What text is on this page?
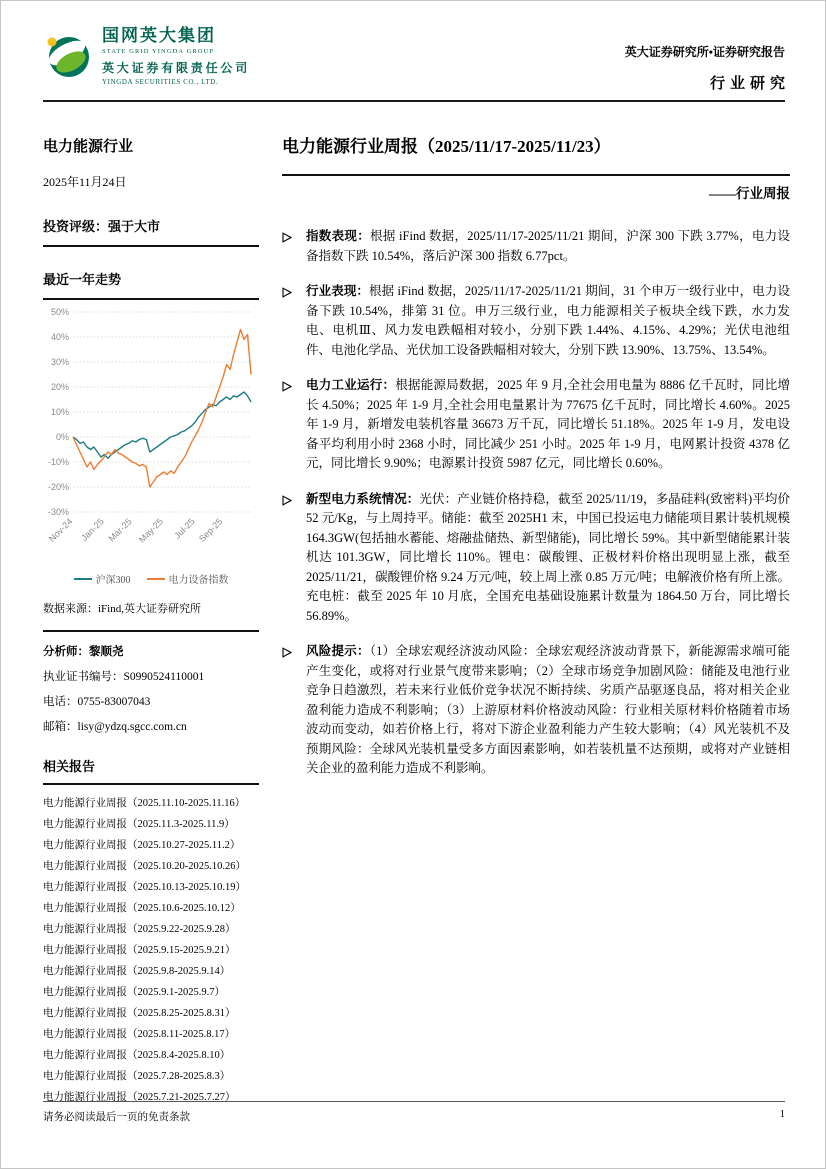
国网英大集团
STATE GRID YINGDA GROUP
英大证券有限责任公司
YINGDA SECURITIES CO., LTD.
英大证券研究所•证券研究报告
行业研究
电力能源行业
2025年11月24日
投资评级：强于大市
最近一年走势
50%
40%
30%
20%
10%
0%
-10%
-20%
-30%
Nov-24 Jan-25 Mar-25 May-25 Jul-25 Sep-25
沪深300	电力设备指数
数据来源：iFind,英大证券研究所
分析师：黎顺尧
执业证书编号：S0990524110001
电话：0755-83007043
邮箱：lisy@ydzq.sgcc.com.cn
相关报告
电力能源行业周报（2025.11.10-2025.11.16）
电力能源行业周报（2025.11.3-2025.11.9）
电力能源行业周报（2025.10.27-2025.11.2）
电力能源行业周报（2025.10.20-2025.10.26）
电力能源行业周报（2025.10.13-2025.10.19）
电力能源行业周报（2025.10.6-2025.10.12）
电力能源行业周报（2025.9.22-2025.9.28）
电力能源行业周报（2025.9.15-2025.9.21）
电力能源行业周报（2025.9.8-2025.9.14）
电力能源行业周报（2025.9.1-2025.9.7）
电力能源行业周报（2025.8.25-2025.8.31）
电力能源行业周报（2025.8.11-2025.8.17）
电力能源行业周报（2025.8.4-2025.8.10）
电力能源行业周报（2025.7.28-2025.8.3）
电力能源行业周报（2025.7.21-2025.7.27）
电力能源行业周报（2025/11/17-2025/11/23）
——行业周报
指数表现：根据 iFind 数据，2025/11/17-2025/11/21 期间，沪深 300 下跌 3.77%，电力设备指数下跌 10.54%，落后沪深 300 指数 6.77pct。
行业表现：根据 iFind 数据，2025/11/17-2025/11/21 期间，31 个申万一级行业中，电力设备下跌 10.54%，排第 31 位。申万三级行业，电力能源相关子板块全线下跌，水力发电、电机Ⅲ、风力发电跌幅相对较小，分别下跌 1.44%、4.15%、4.29%；光伏电池组件、电池化学品、光伏加工设备跌幅相对较大，分别下跌 13.90%、13.75%、13.54%。
电力工业运行：根据能源局数据，2025 年 9 月,全社会用电量为 8886 亿千瓦时，同比增长 4.50%；2025 年 1-9 月,全社会用电量累计为 77675 亿千瓦时，同比增长 4.60%。2025 年 1-9 月，新增发电装机容量 36673 万千瓦，同比增长 51.18%。2025 年 1-9 月，发电设备平均利用小时 2368 小时，同比减少 251 小时。2025 年 1-9 月，电网累计投资 4378 亿元，同比增长 9.90%；电源累计投资 5987 亿元，同比增长 0.60%。
新型电力系统情况：光伏：产业链价格持稳，截至 2025/11/19，多晶硅料(致密料)平均价 52 元/Kg，与上周持平。储能：截至 2025H1 末，中国已投运电力储能项目累计装机规模 164.3GW(包括抽水蓄能、熔融盐储热、新型储能)，同比增长 59%。其中新型储能累计装机达 101.3GW，同比增长 110%。锂电：碳酸锂、正极材料价格出现明显上涨，截至 2025/11/21，碳酸锂价格 9.24 万元/吨，较上周上涨 0.85 万元/吨；电解液价格有所上涨。充电桩：截至 2025 年 10 月底，全国充电基础设施累计数量为 1864.50 万台，同比增长 56.89%。
风险提示：（1）全球宏观经济波动风险：全球宏观经济波动背景下，新能源需求端可能产生变化，或将对行业景气度带来影响；（2）全球市场竞争加剧风险：储能及电池行业竞争日趋激烈，若未来行业低价竞争状况不断持续、劣质产品驱逐良品，将对相关企业盈利能力造成不利影响；（3）上游原材料价格波动风险：行业相关原材料价格随着市场波动而变动，如若价格上行，将对下游企业盈利能力产生较大影响；（4）风光装机不及预期风险：全球风光装机量受多方面因素影响，如若装机量不达预期，或将对产业链相关企业的盈利能力造成不利影响。
请务必阅读最后一页的免责条款	1
